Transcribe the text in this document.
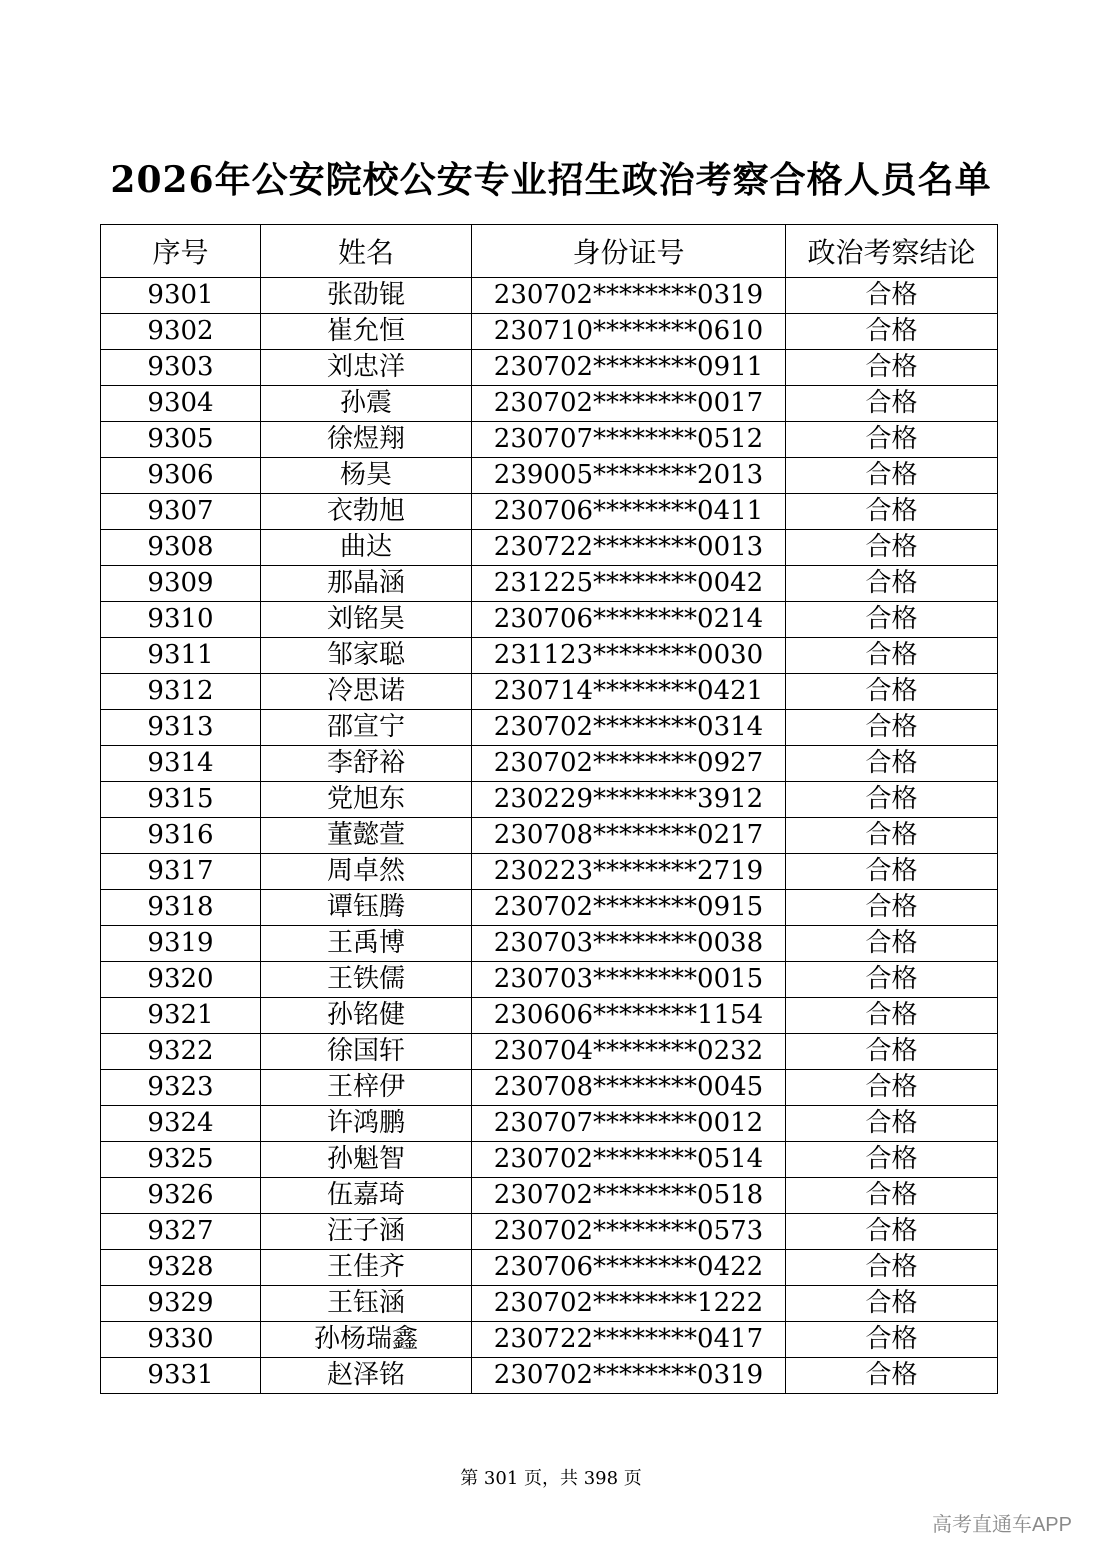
2026年公安院校公安专业招生政治考察合格人员名单
序号	姓名	身份证号	政治考察结论
9301	张劭锟	230702********0319	合格
9302	崔允恒	230710********0610	合格
9303	刘忠洋	230702********0911	合格
9304	孙震	230702********0017	合格
9305	徐煜翔	230707********0512	合格
9306	杨昊	239005********2013	合格
9307	衣勃旭	230706********0411	合格
9308	曲达	230722********0013	合格
9309	那晶涵	231225********0042	合格
9310	刘铭昊	230706********0214	合格
9311	邹家聪	231123********0030	合格
9312	冷思诺	230714********0421	合格
9313	邵宣宁	230702********0314	合格
9314	李舒裕	230702********0927	合格
9315	党旭东	230229********3912	合格
9316	董懿萱	230708********0217	合格
9317	周卓然	230223********2719	合格
9318	谭钰腾	230702********0915	合格
9319	王禹博	230703********0038	合格
9320	王铁儒	230703********0015	合格
9321	孙铭健	230606********1154	合格
9322	徐国轩	230704********0232	合格
9323	王梓伊	230708********0045	合格
9324	许鸿鹏	230707********0012	合格
9325	孙魁智	230702********0514	合格
9326	伍嘉琦	230702********0518	合格
9327	汪子涵	230702********0573	合格
9328	王佳齐	230706********0422	合格
9329	王钰涵	230702********1222	合格
9330	孙杨瑞鑫	230722********0417	合格
9331	赵泽铭	230702********0319	合格
第 301 页，共 398 页
高考直通车APP
